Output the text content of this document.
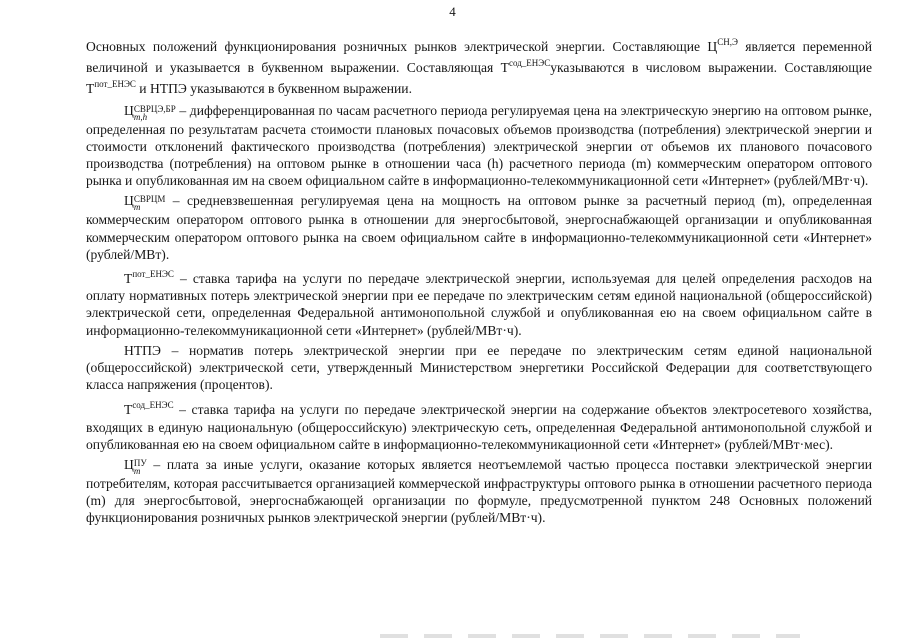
4

Основных положений функционирования розничных рынков электрической энергии. Составляющие $Ц^{СН,Э}$ является переменной величиной и указывается в буквенном выражении. Составляющая $Т^{сод\_ЕНЭС}указываются$ в числовом выражении. Составляющие $Т^{пот\_ЕНЭС}$ и НТПЭ указываются в буквенном выражении.

Ц СВРЦЭ,БР
m,h	– дифференцированная по часам расчетного периода регулируемая цена на электрическую энергию на оптовом рынке, определенная по результатам расчета стоимости плановых почасовых объемов производства (потребления) электрической энергии и стоимости отклонений фактического производства (потребления) электрической энергии от объемов их планового почасового производства (потребления) на оптовом рынке в отношении часа (h) расчетного периода (m) коммерческим оператором оптового рынка и опубликованная им на своем официальном сайте в информационно-телекоммуникационной сети «Интернет» (рублей/МВт·ч).

Ц СВРЦМ
m	– средневзвешенная регулируемая цена на мощность на оптовом рынке за расчетный период (m), определенная коммерческим оператором оптового рынка в отношении для энергосбытовой, энергоснабжающей организации и опубликованная коммерческим оператором оптового рынка на своем официальном сайте в информационно-телекоммуникационной сети «Интернет» (рублей/МВт).

$Т^{пот\_ЕНЭС}$ – ставка тарифа на услуги по передаче электрической энергии, используемая для целей определения расходов на оплату нормативных потерь электрической энергии при ее передаче по электрическим сетям единой национальной (общероссийской) электрической сети, определенная Федеральной антимонопольной службой и опубликованная ею на своем официальном сайте в информационно-телекоммуникационной сети «Интернет» (рублей/МВт·ч).

НТПЭ – норматив потерь электрической энергии при ее передаче по электрическим сетям единой национальной (общероссийской) электрической сети, утвержденный Министерством энергетики Российской Федерации для соответствующего класса напряжения (процентов).

$Т^{сод\_ЕНЭС}$ – ставка тарифа на услуги по передаче электрической энергии на содержание объектов электросетевого хозяйства, входящих в единую национальную (общероссийскую) электрическую сеть, определенная Федеральной антимонопольной службой и опубликованная ею на своем официальном сайте в информационно-телекоммуникационной сети «Интернет» (рублей/МВт·мес).

Ц ПУ
m – плата за иные услуги, оказание которых является неотъемлемой частью процесса поставки электрической энергии потребителям, которая рассчитывается организацией коммерческой инфраструктуры оптового рынка в отношении расчетного периода (m) для энергосбытовой, энергоснабжающей организации по формуле, предусмотренной пунктом 248 Основных положений функционирования розничных рынков электрической энергии (рублей/МВт·ч).
